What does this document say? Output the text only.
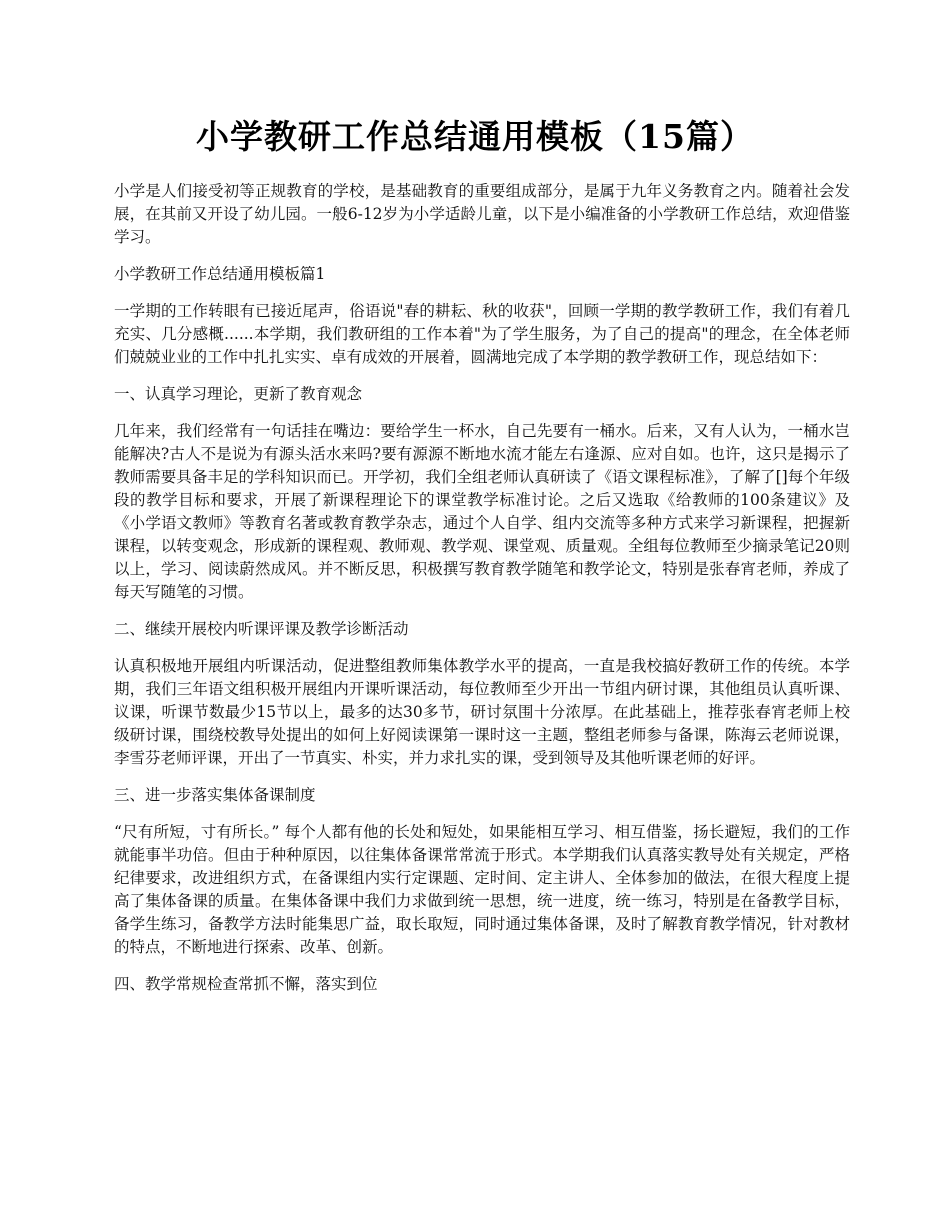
小学教研工作总结通用模板（15篇）

小学是人们接受初等正规教育的学校，是基础教育的重要组成部分，是属于九年义务教育之内。随着社会发展，在其前又开设了幼儿园。一般6-12岁为小学适龄儿童，以下是小编准备的小学教研工作总结，欢迎借鉴学习。

小学教研工作总结通用模板篇1

一学期的工作转眼有已接近尾声，俗语说"春的耕耘、秋的收获"，回顾一学期的教学教研工作，我们有着几充实、几分感概......本学期，我们教研组的工作本着"为了学生服务，为了自己的提高"的理念，在全体老师们兢兢业业的工作中扎扎实实、卓有成效的开展着，圆满地完成了本学期的教学教研工作，现总结如下：

一、认真学习理论，更新了教育观念

几年来，我们经常有一句话挂在嘴边：要给学生一杯水，自己先要有一桶水。后来，又有人认为，一桶水岂能解决?古人不是说为有源头活水来吗?要有源源不断地水流才能左右逢源、应对自如。也许，这只是揭示了教师需要具备丰足的学科知识而已。开学初，我们全组老师认真研读了《语文课程标准》，了解了[]每个年级段的教学目标和要求，开展了新课程理论下的课堂教学标准讨论。之后又选取《给教师的100条建议》及《小学语文教师》等教育名著或教育教学杂志，通过个人自学、组内交流等多种方式来学习新课程，把握新课程，以转变观念，形成新的课程观、教师观、教学观、课堂观、质量观。全组每位教师至少摘录笔记20则以上，学习、阅读蔚然成风。并不断反思，积极撰写教育教学随笔和教学论文，特别是张春宵老师，养成了每天写随笔的习惯。

二、继续开展校内听课评课及教学诊断活动

认真积极地开展组内听课活动，促进整组教师集体教学水平的提高，一直是我校搞好教研工作的传统。本学期，我们三年语文组积极开展组内开课听课活动，每位教师至少开出一节组内研讨课，其他组员认真听课、议课，听课节数最少15节以上，最多的达30多节，研讨氛围十分浓厚。在此基础上，推荐张春宵老师上校级研讨课，围绕校教导处提出的如何上好阅读课第一课时这一主题，整组老师参与备课，陈海云老师说课，李雪芬老师评课，开出了一节真实、朴实，并力求扎实的课，受到领导及其他听课老师的好评。

三、进一步落实集体备课制度

“尺有所短，寸有所长。” 每个人都有他的长处和短处，如果能相互学习、相互借鉴，扬长避短，我们的工作就能事半功倍。但由于种种原因，以往集体备课常常流于形式。本学期我们认真落实教导处有关规定，严格纪律要求，改进组织方式，在备课组内实行定课题、定时间、定主讲人、全体参加的做法，在很大程度上提高了集体备课的质量。在集体备课中我们力求做到统一思想，统一进度，统一练习，特别是在备教学目标，备学生练习，备教学方法时能集思广益，取长取短，同时通过集体备课，及时了解教育教学情况，针对教材的特点，不断地进行探索、改革、创新。

四、教学常规检查常抓不懈，落实到位
